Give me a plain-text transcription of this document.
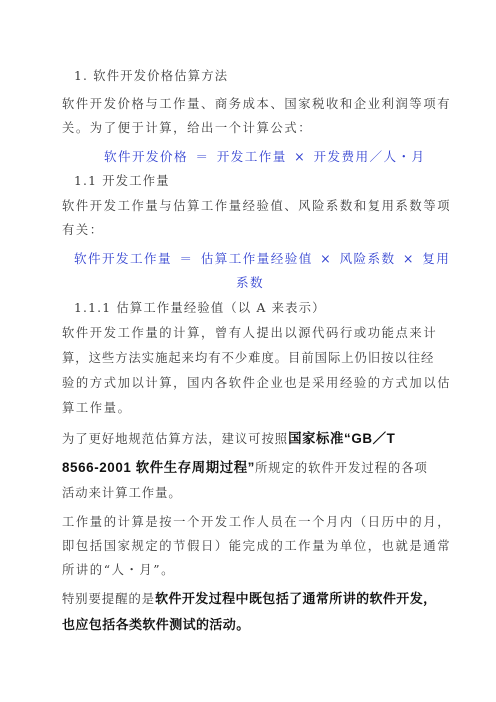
1. 软件开发价格估算方法
软件开发价格与工作量、商务成本、国家税收和企业利润等项有
关。为了便于计算，给出一个计算公式：
软件开发价格 ＝ 开发工作量 × 开发费用／人・月
1.1 开发工作量
软件开发工作量与估算工作量经验值、风险系数和复用系数等项
有关：
软件开发工作量 ＝ 估算工作量经验值 × 风险系数 × 复用
系数
1.1.1 估算工作量经验值（以 A 来表示）
软件开发工作量的计算，曾有人提出以源代码行或功能点来计
算，这些方法实施起来均有不少难度。目前国际上仍旧按以往经
验的方式加以计算，国内各软件企业也是采用经验的方式加以估
算工作量。
为了更好地规范估算方法，建议可按照国家标准“GB／T
8566-2001 软件生存周期过程”所规定的软件开发过程的各项
活动来计算工作量。
工作量的计算是按一个开发工作人员在一个月内（日历中的月，
即包括国家规定的节假日）能完成的工作量为单位，也就是通常
所讲的“人・月”。
特别要提醒的是软件开发过程中既包括了通常所讲的软件开发，
也应包括各类软件测试的活动。
